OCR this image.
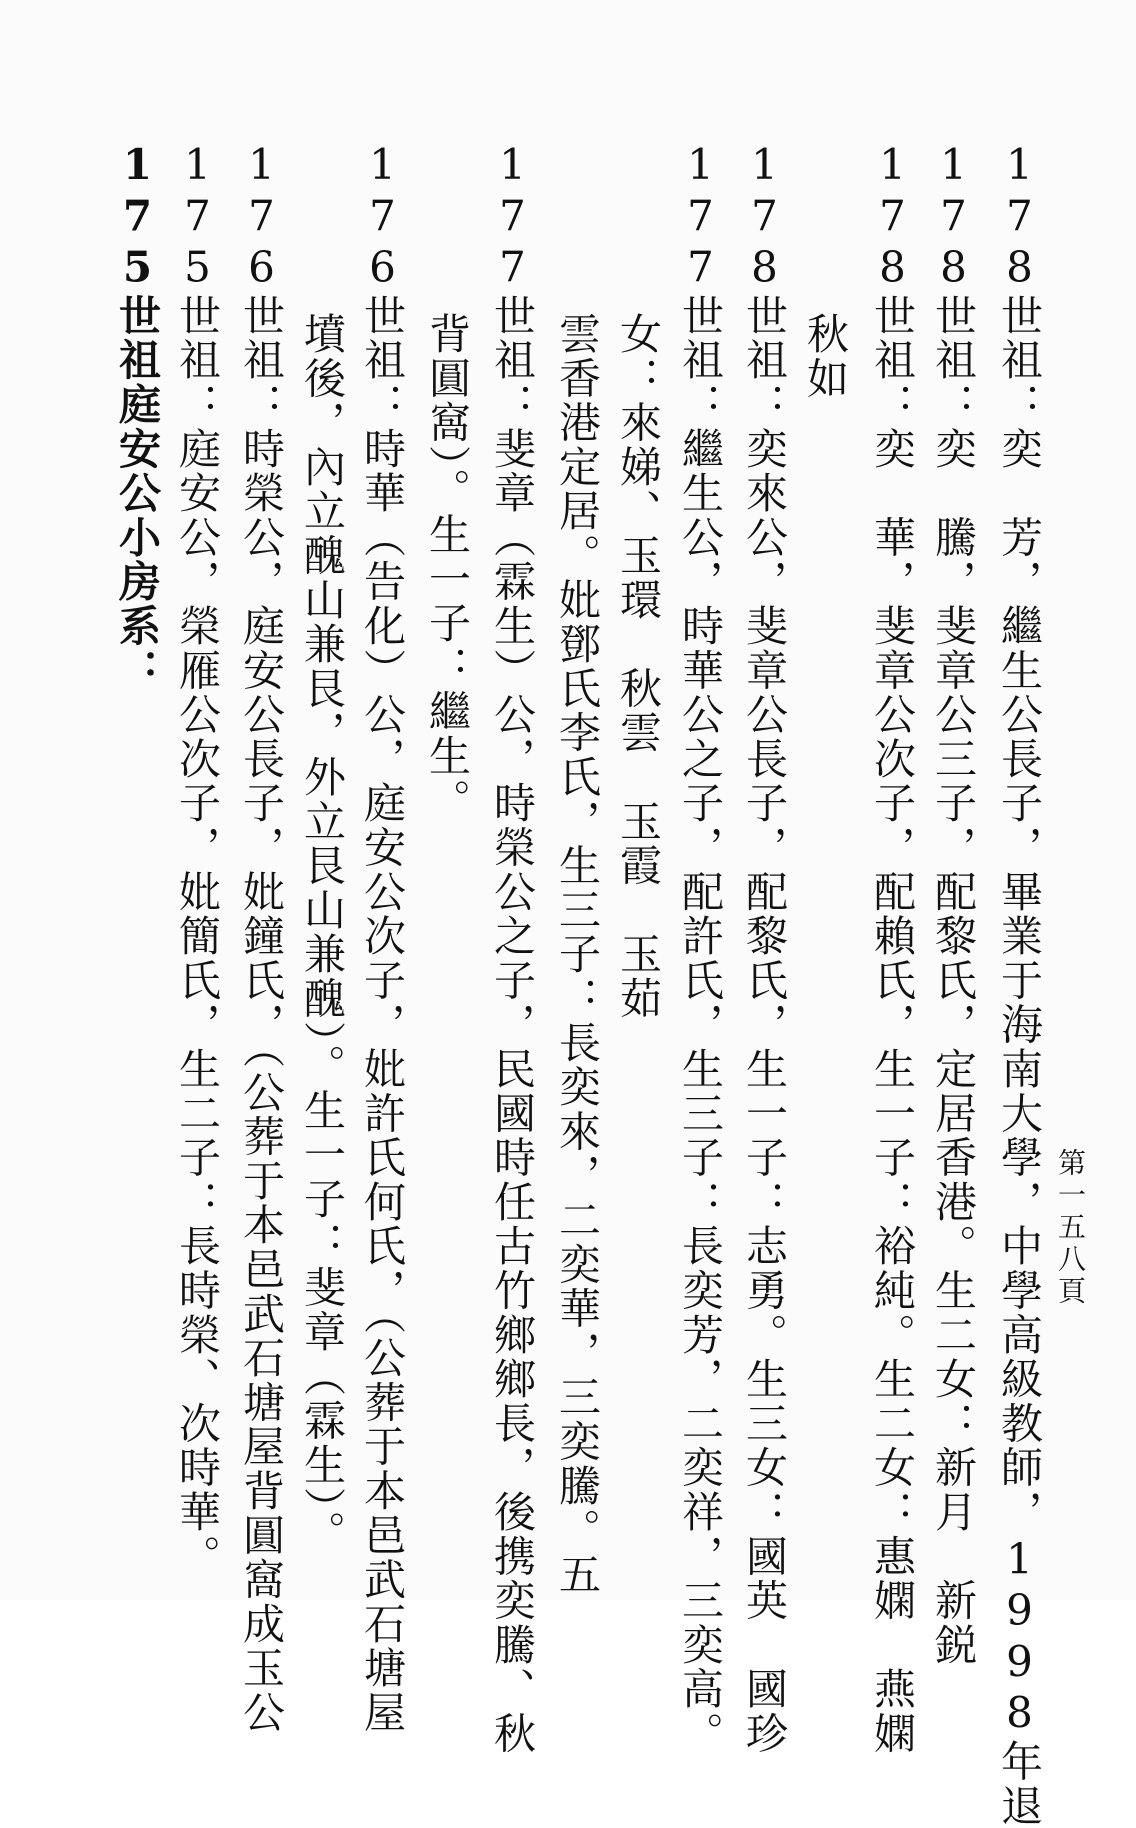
第一五八頁
175世祖庭安公小房系： 175世祖：庭安公，榮雁公次子，妣簡氏，生二子：長時榮、次時華。 176世祖：時榮公，庭安公長子，妣鐘氏，（公葬于本邑武石塘屋背圓窩成玉公 墳後，內立醜山兼艮，外立艮山兼醜）。生一子：斐章（霖生）。 176世祖：時華（告化）公，庭安公次子，妣許氏何氏，（公葬于本邑武石塘屋 背圓窩）。生一子：繼生。 177世祖：斐章（霖生）公，時榮公之子，民國時任古竹鄉鄉長，後携奕騰、秋 雲香港定居。妣鄧氏李氏，生三子：長奕來，二奕華，三奕騰。五 女：來娣、玉環　秋雲　玉霞　玉茹 177世祖：繼生公，時華公之子，配許氏，生三子：長奕芳，二奕祥，三奕高。 178世祖：奕來公，斐章公長子，配黎氏，生一子：志勇。生三女：國英　國珍 秋如 178世祖：奕　華，斐章公次子，配賴氏，生一子：裕純。生二女：惠嫻　燕嫻 178世祖：奕　騰，斐章公三子，配黎氏，定居香港。生二女：新月　新鋭 178世祖：奕　芳，繼生公長子，畢業于海南大學，中學高級教師，1998年退
